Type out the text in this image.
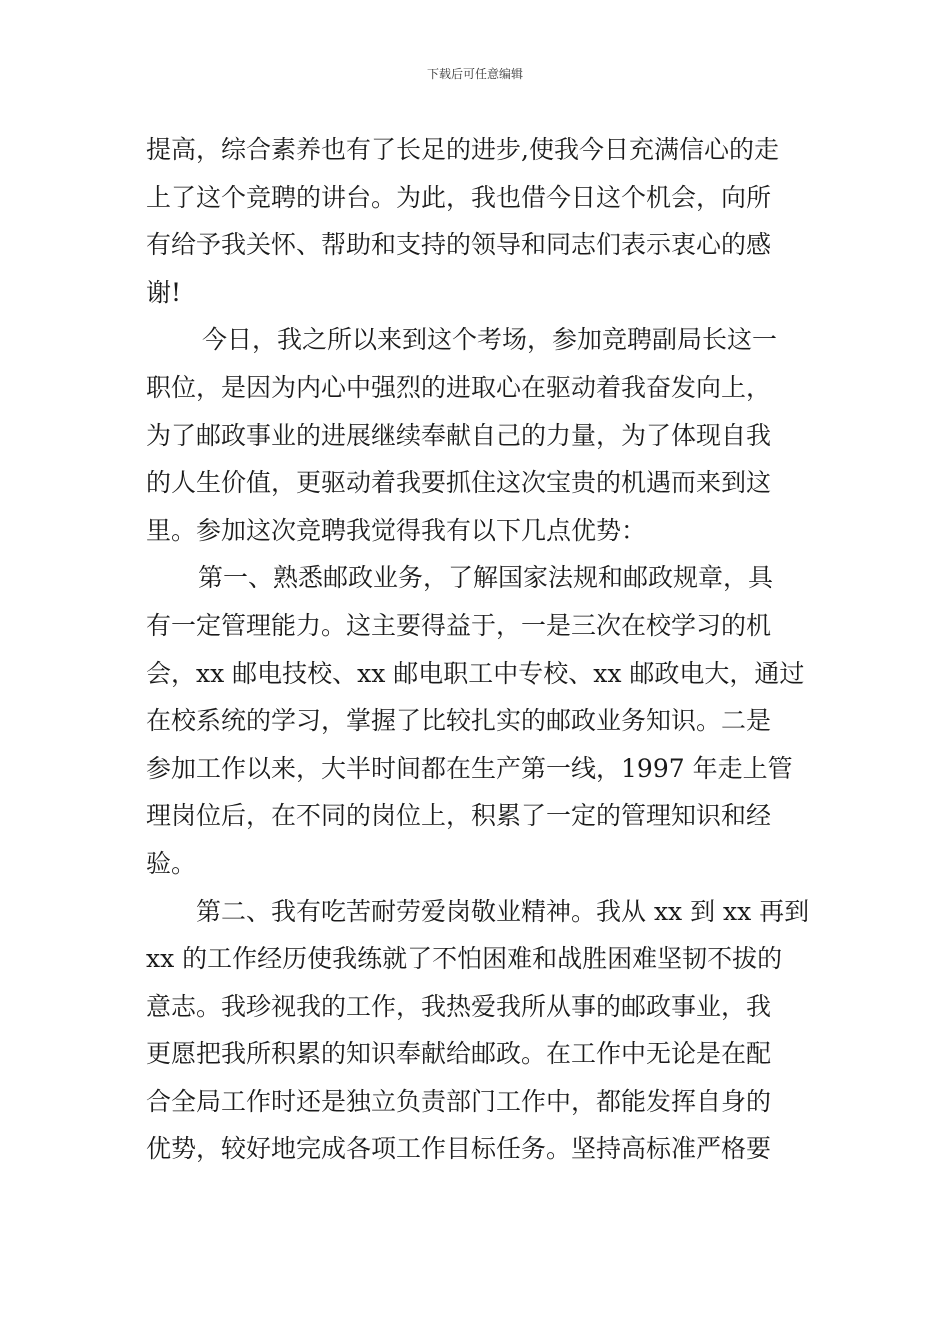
下载后可任意编辑
提高，综合素养也有了长足的进步,使我今日充满信心的走
上了这个竞聘的讲台。为此，我也借今日这个机会，向所
有给予我关怀、帮助和支持的领导和同志们表示衷心的感
谢!
今日，我之所以来到这个考场，参加竞聘副局长这一
职位，是因为内心中强烈的进取心在驱动着我奋发向上，
为了邮政事业的进展继续奉献自己的力量，为了体现自我
的人生价值，更驱动着我要抓住这次宝贵的机遇而来到这
里。参加这次竞聘我觉得我有以下几点优势：
第一、熟悉邮政业务，了解国家法规和邮政规章，具
有一定管理能力。这主要得益于，一是三次在校学习的机
会，xx 邮电技校、xx 邮电职工中专校、xx 邮政电大，通过
在校系统的学习，掌握了比较扎实的邮政业务知识。二是
参加工作以来，大半时间都在生产第一线，1997 年走上管
理岗位后，在不同的岗位上，积累了一定的管理知识和经
验。
第二、我有吃苦耐劳爱岗敬业精神。我从 xx 到 xx 再到
xx 的工作经历使我练就了不怕困难和战胜困难坚韧不拔的
意志。我珍视我的工作，我热爱我所从事的邮政事业，我
更愿把我所积累的知识奉献给邮政。在工作中无论是在配
合全局工作时还是独立负责部门工作中，都能发挥自身的
优势，较好地完成各项工作目标任务。坚持高标准严格要
